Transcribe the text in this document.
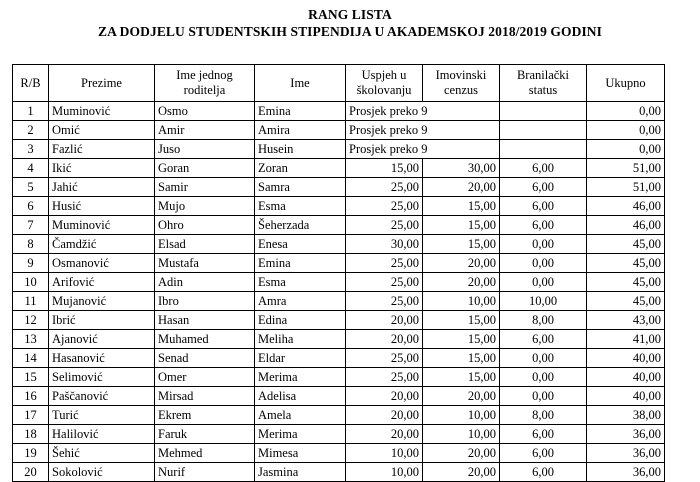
RANG LISTA
ZA DODJELU STUDENTSKIH STIPENDIJA U AKADEMSKOJ 2018/2019 GODINI
R/B	Prezime	Ime jednog roditelja	Ime	Uspjeh u školovanju	Imovinski cenzus	Branilački status	Ukupno
1	Muminović	Osmo	Emina	Prosjek preko 9			0,00
2	Omić	Amir	Amira	Prosjek preko 9			0,00
3	Fazlić	Juso	Husein	Prosjek preko 9			0,00
4	Ikić	Goran	Zoran	15,00	30,00	6,00	51,00
5	Jahić	Samir	Samra	25,00	20,00	6,00	51,00
6	Husić	Mujo	Esma	25,00	15,00	6,00	46,00
7	Muminović	Ohro	Šeherzada	25,00	15,00	6,00	46,00
8	Čamdžić	Elsad	Enesa	30,00	15,00	0,00	45,00
9	Osmanović	Mustafa	Emina	25,00	20,00	0,00	45,00
10	Arifović	Adin	Esma	25,00	20,00	0,00	45,00
11	Mujanović	Ibro	Amra	25,00	10,00	10,00	45,00
12	Ibrić	Hasan	Edina	20,00	15,00	8,00	43,00
13	Ajanović	Muhamed	Meliha	20,00	15,00	6,00	41,00
14	Hasanović	Senad	Eldar	25,00	15,00	0,00	40,00
15	Selimović	Omer	Merima	25,00	15,00	0,00	40,00
16	Paščanović	Mirsad	Adelisa	20,00	20,00	0,00	40,00
17	Turić	Ekrem	Amela	20,00	10,00	8,00	38,00
18	Halilović	Faruk	Merima	20,00	10,00	6,00	36,00
19	Šehić	Mehmed	Mimesa	10,00	20,00	6,00	36,00
20	Sokolović	Nurif	Jasmina	10,00	20,00	6,00	36,00
